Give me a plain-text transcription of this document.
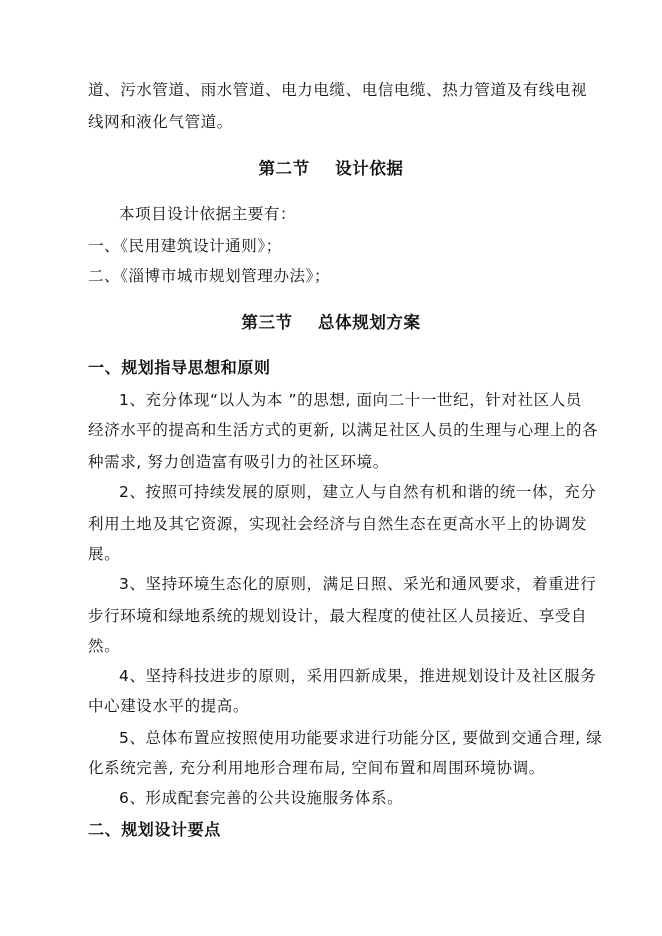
道、污水管道、雨水管道、电力电缆、电信电缆、热力管道及有线电视
线网和液化气管道。
第二节    设计依据
本项目设计依据主要有：
一、《民用建筑设计通则》；
二、《淄博市城市规划管理办法》；
第三节    总体规划方案
一、规划指导思想和原则
1、充分体现“以人为本 ”的思想, 面向二十一世纪，针对社区人员
经济水平的提高和生活方式的更新, 以满足社区人员的生理与心理上的各
种需求, 努力创造富有吸引力的社区环境。
2、按照可持续发展的原则，建立人与自然有机和谐的统一体，充分
利用土地及其它资源，实现社会经济与自然生态在更高水平上的协调发
展。
3、坚持环境生态化的原则，满足日照、采光和通风要求，着重进行
步行环境和绿地系统的规划设计，最大程度的使社区人员接近、享受自
然。
4、坚持科技进步的原则，采用四新成果，推进规划设计及社区服务
中心建设水平的提高。
5、总体布置应按照使用功能要求进行功能分区, 要做到交通合理, 绿
化系统完善, 充分利用地形合理布局, 空间布置和周围环境协调。
6、形成配套完善的公共设施服务体系。
二、规划设计要点
